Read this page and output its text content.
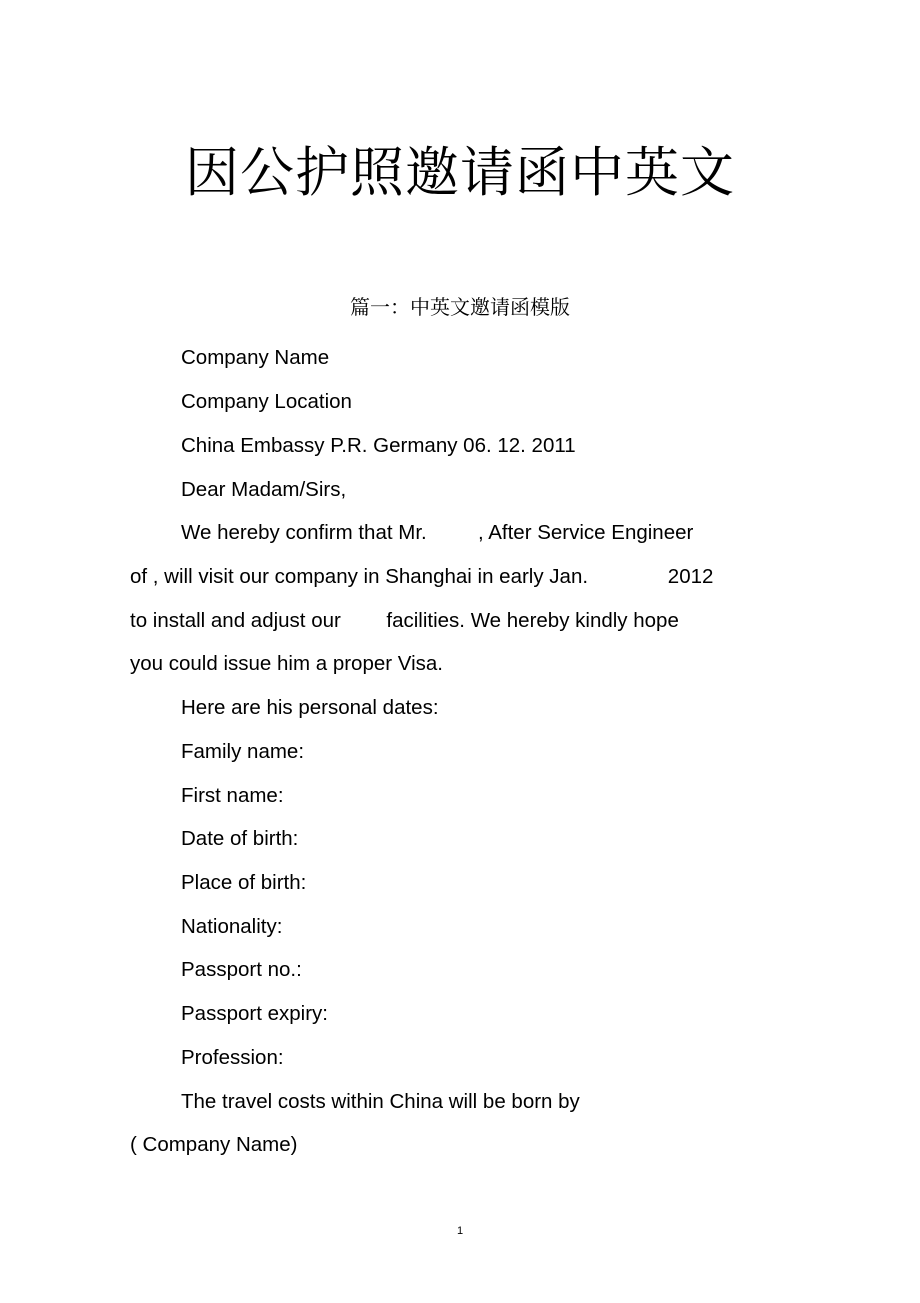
因公护照邀请函中英文
篇一：中英文邀请函模版
Company Name
Company Location
China Embassy P.R. Germany 06. 12. 2011
Dear Madam/Sirs,
We hereby confirm that Mr.         , After Service Engineer
of , will visit our company in Shanghai in early Jan.              2012
to install and adjust our        facilities. We hereby kindly hope
you could issue him a proper Visa.
Here are his personal dates:
Family name:
First name:
Date of birth:
Place of birth:
Nationality:
Passport no.:
Passport expiry:
Profession:
The travel costs within China will be born by
( Company Name)
1
